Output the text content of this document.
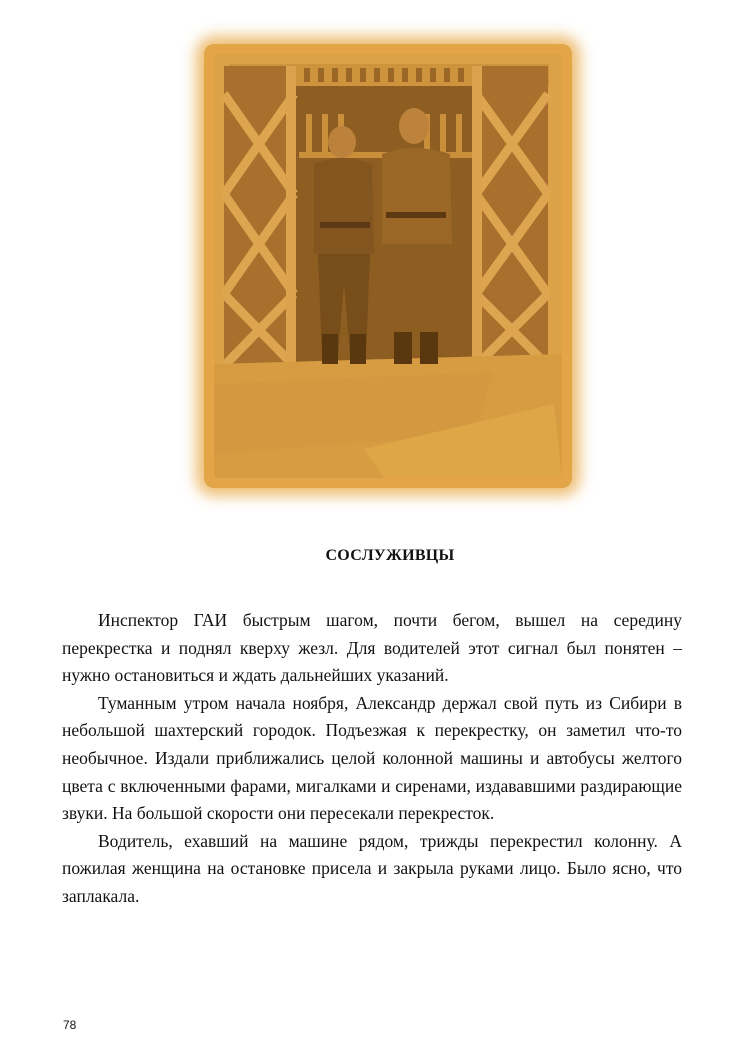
СОСЛУЖИВЦЫ

Инспектор ГАИ быстрым шагом, почти бегом, вышел на середину перекрестка и поднял кверху жезл. Для водителей этот сигнал был понятен – нужно остановиться и ждать дальнейших указаний.

Туманным утром начала ноября, Александр держал свой путь из Сибири в небольшой шахтерский городок. Подъезжая к перекрестку, он заметил что-то необычное. Издали приближались целой колонной машины и автобусы желтого цвета с включенными фарами, мигалками и сиренами, издававшими раздирающие звуки. На большой скорости они пересекали перекресток.

Водитель, ехавший на машине рядом, трижды перекрестил колонну. А пожилая женщина на остановке присела и закрыла руками лицо. Было ясно, что заплакала.

78
